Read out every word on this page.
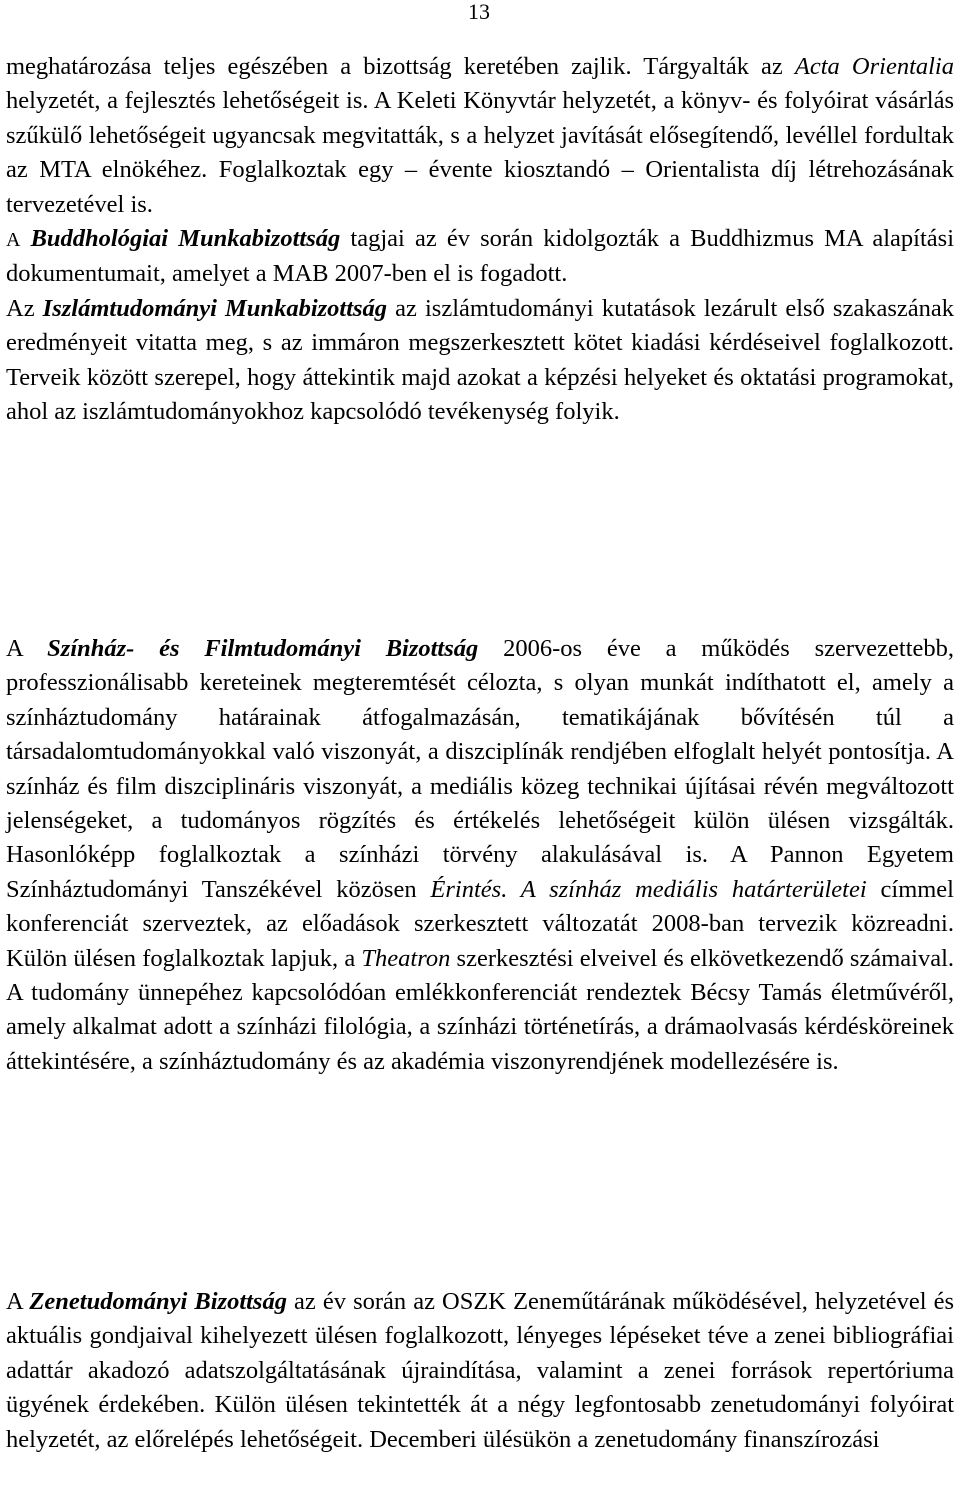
13

meghatározása teljes egészében a bizottság keretében zajlik. Tárgyalták az Acta Orientalia helyzetét, a fejlesztés lehetőségeit is. A Keleti Könyvtár helyzetét, a könyv- és folyóirat vásárlás szűkülő lehetőségeit ugyancsak megvitatták, s a helyzet javítását elősegítendő, levéllel fordultak az MTA elnökéhez. Foglalkoztak egy – évente kiosztandó – Orientalista díj létrehozásának tervezetével is.

A Buddhológiai Munkabizottság tagjai az év során kidolgozták a Buddhizmus MA alapítási dokumentumait, amelyet a MAB 2007-ben el is fogadott.

Az Iszlámtudományi Munkabizottság az iszlámtudományi kutatások lezárult első szakaszának eredményeit vitatta meg, s az immáron megszerkesztett kötet kiadási kérdéseivel foglalkozott. Terveik között szerepel, hogy áttekintik majd azokat a képzési helyeket és oktatási programokat, ahol az iszlámtudományokhoz kapcsolódó tevékenység folyik.

A Színház- és Filmtudományi Bizottság 2006-os éve a működés szervezettebb, professzionálisabb kereteinek megteremtését célozta, s olyan munkát indíthatott el, amely a színháztudomány határainak átfogalmazásán, tematikájának bővítésén túl a társadalomtudományokkal való viszonyát, a diszciplínák rendjében elfoglalt helyét pontosítja. A színház és film diszciplináris viszonyát, a mediális közeg technikai újításai révén megváltozott jelenségeket, a tudományos rögzítés és értékelés lehetőségeit külön ülésen vizsgálták. Hasonlóképp foglalkoztak a színházi törvény alakulásával is. A Pannon Egyetem Színháztudományi Tanszékével közösen Érintés. A színház mediális határterületei címmel konferenciát szerveztek, az előadások szerkesztett változatát 2008-ban tervezik közreadni. Külön ülésen foglalkoztak lapjuk, a Theatron szerkesztési elveivel és elkövetkezendő számaival. A tudomány ünnepéhez kapcsolódóan emlékkonferenciát rendeztek Bécsy Tamás életművéről, amely alkalmat adott a színházi filológia, a színházi történetírás, a drámaolvasás kérdésköreinek áttekintésére, a színháztudomány és az akadémia viszonyrendjének modellezésére is.

A Zenetudományi Bizottság az év során az OSZK Zeneműtárának működésével, helyzetével és aktuális gondjaival kihelyezett ülésen foglalkozott, lényeges lépéseket téve a zenei bibliográfiai adattár akadozó adatszolgáltatásának újraindítása, valamint a zenei források repertóriuma ügyének érdekében. Külön ülésen tekintették át a négy legfontosabb zenetudományi folyóirat helyzetét, az előrelépés lehetőségeit. Decemberi ülésükön a zenetudomány finanszírozási
